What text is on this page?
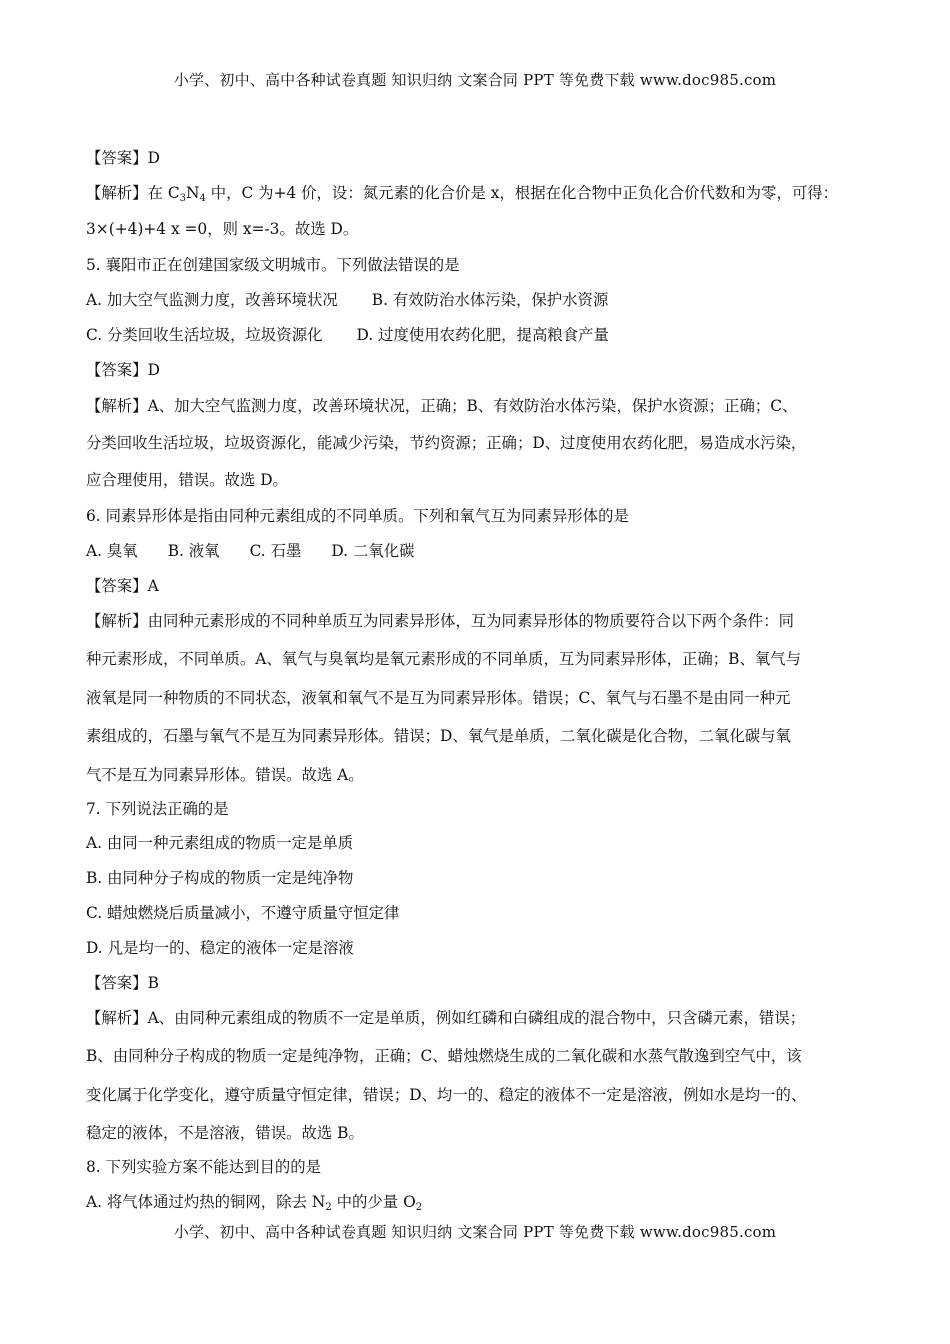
小学、初中、高中各种试卷真题 知识归纳 文案合同 PPT 等免费下载 www.doc985.com
【答案】D
【解析】在 $C_3N_4$ 中，C 为+4 价，设：氮元素的化合价是 x，根据在化合物中正负化合价代数和为零，可得：
3×(+4)+4 x =0，则 x=-3。故选 D。
5. 襄阳市正在创建国家级文明城市。下列做法错误的是
A. 加大空气监测力度，改善环境状况 B. 有效防治水体污染，保护水资源
C. 分类回收生活垃圾，垃圾资源化 D. 过度使用农药化肥，提高粮食产量
【答案】D
【解析】A、加大空气监测力度，改善环境状况，正确；B、有效防治水体污染，保护水资源；正确；C、
分类回收生活垃圾，垃圾资源化，能减少污染，节约资源；正确；D、过度使用农药化肥，易造成水污染，
应合理使用，错误。故选 D。
6. 同素异形体是指由同种元素组成的不同单质。下列和氧气互为同素异形体的是
A. 臭氧 B. 液氧 C. 石墨 D. 二氧化碳
【答案】A
【解析】由同种元素形成的不同种单质互为同素异形体，互为同素异形体的物质要符合以下两个条件：同
种元素形成，不同单质。A、氧气与臭氧均是氧元素形成的不同单质，互为同素异形体，正确；B、氧气与
液氧是同一种物质的不同状态，液氧和氧气不是互为同素异形体。错误；C、氧气与石墨不是由同一种元
素组成的，石墨与氧气不是互为同素异形体。错误；D、氧气是单质，二氧化碳是化合物，二氧化碳与氧
气不是互为同素异形体。错误。故选 A。
7. 下列说法正确的是
A. 由同一种元素组成的物质一定是单质
B. 由同种分子构成的物质一定是纯净物
C. 蜡烛燃烧后质量减小，不遵守质量守恒定律
D. 凡是均一的、稳定的液体一定是溶液
【答案】B
【解析】A、由同种元素组成的物质不一定是单质，例如红磷和白磷组成的混合物中，只含磷元素，错误；
B、由同种分子构成的物质一定是纯净物，正确；C、蜡烛燃烧生成的二氧化碳和水蒸气散逸到空气中，该
变化属于化学变化，遵守质量守恒定律，错误；D、均一的、稳定的液体不一定是溶液，例如水是均一的、
稳定的液体，不是溶液，错误。故选 B。
8. 下列实验方案不能达到目的的是
A. 将气体通过灼热的铜网，除去 $N_2$ 中的少量 $O_2$
小学、初中、高中各种试卷真题 知识归纳 文案合同 PPT 等免费下载 www.doc985.com
